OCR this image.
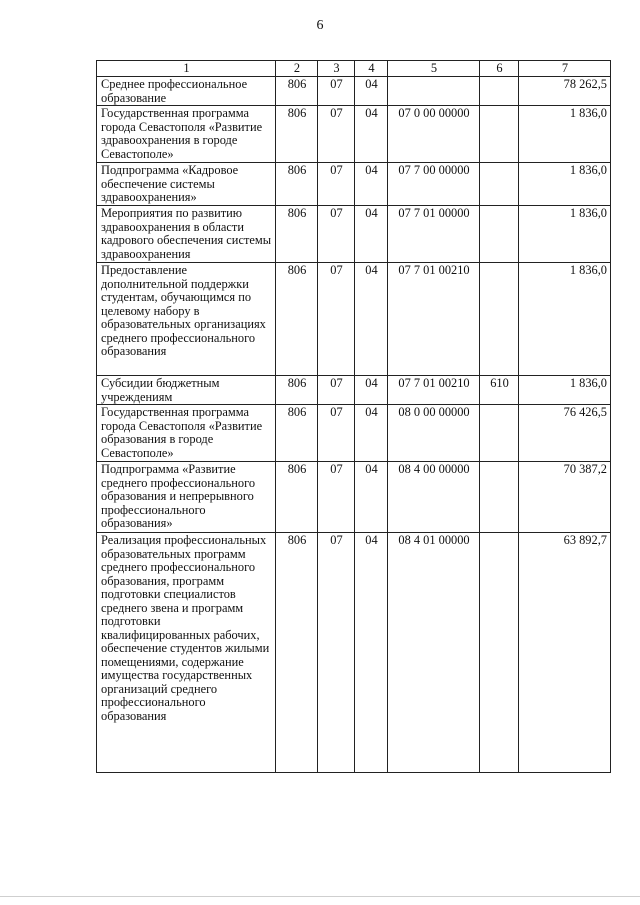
6
1	2	3	4	5	6	7
Среднее профессиональное образование	806	07	04			78 262,5
Государственная программа города Севастополя «Развитие здравоохранения в городе Севастополе»	806	07	04	07 0 00 00000		1 836,0
Подпрограмма «Кадровое обеспечение системы здравоохранения»	806	07	04	07 7 00 00000		1 836,0
Мероприятия по развитию здравоохранения в области кадрового обеспечения системы здравоохранения	806	07	04	07 7 01 00000		1 836,0
Предоставление дополнительной поддержки студентам, обучающимся по целевому набору в образовательных организациях среднего профессионального образования	806	07	04	07 7 01 00210		1 836,0
Субсидии бюджетным учреждениям	806	07	04	07 7 01 00210	610	1 836,0
Государственная программа города Севастополя «Развитие образования в городе Севастополе»	806	07	04	08 0 00 00000		76 426,5
Подпрограмма «Развитие среднего профессионального образования и непрерывного профессионального образования»	806	07	04	08 4 00 00000		70 387,2
Реализация профессиональных образовательных программ среднего профессионального образования, программ подготовки специалистов среднего звена и программ подготовки квалифицированных рабочих, обеспечение студентов жилыми помещениями, содержание имущества государственных организаций среднего профессионального образования	806	07	04	08 4 01 00000		63 892,7
